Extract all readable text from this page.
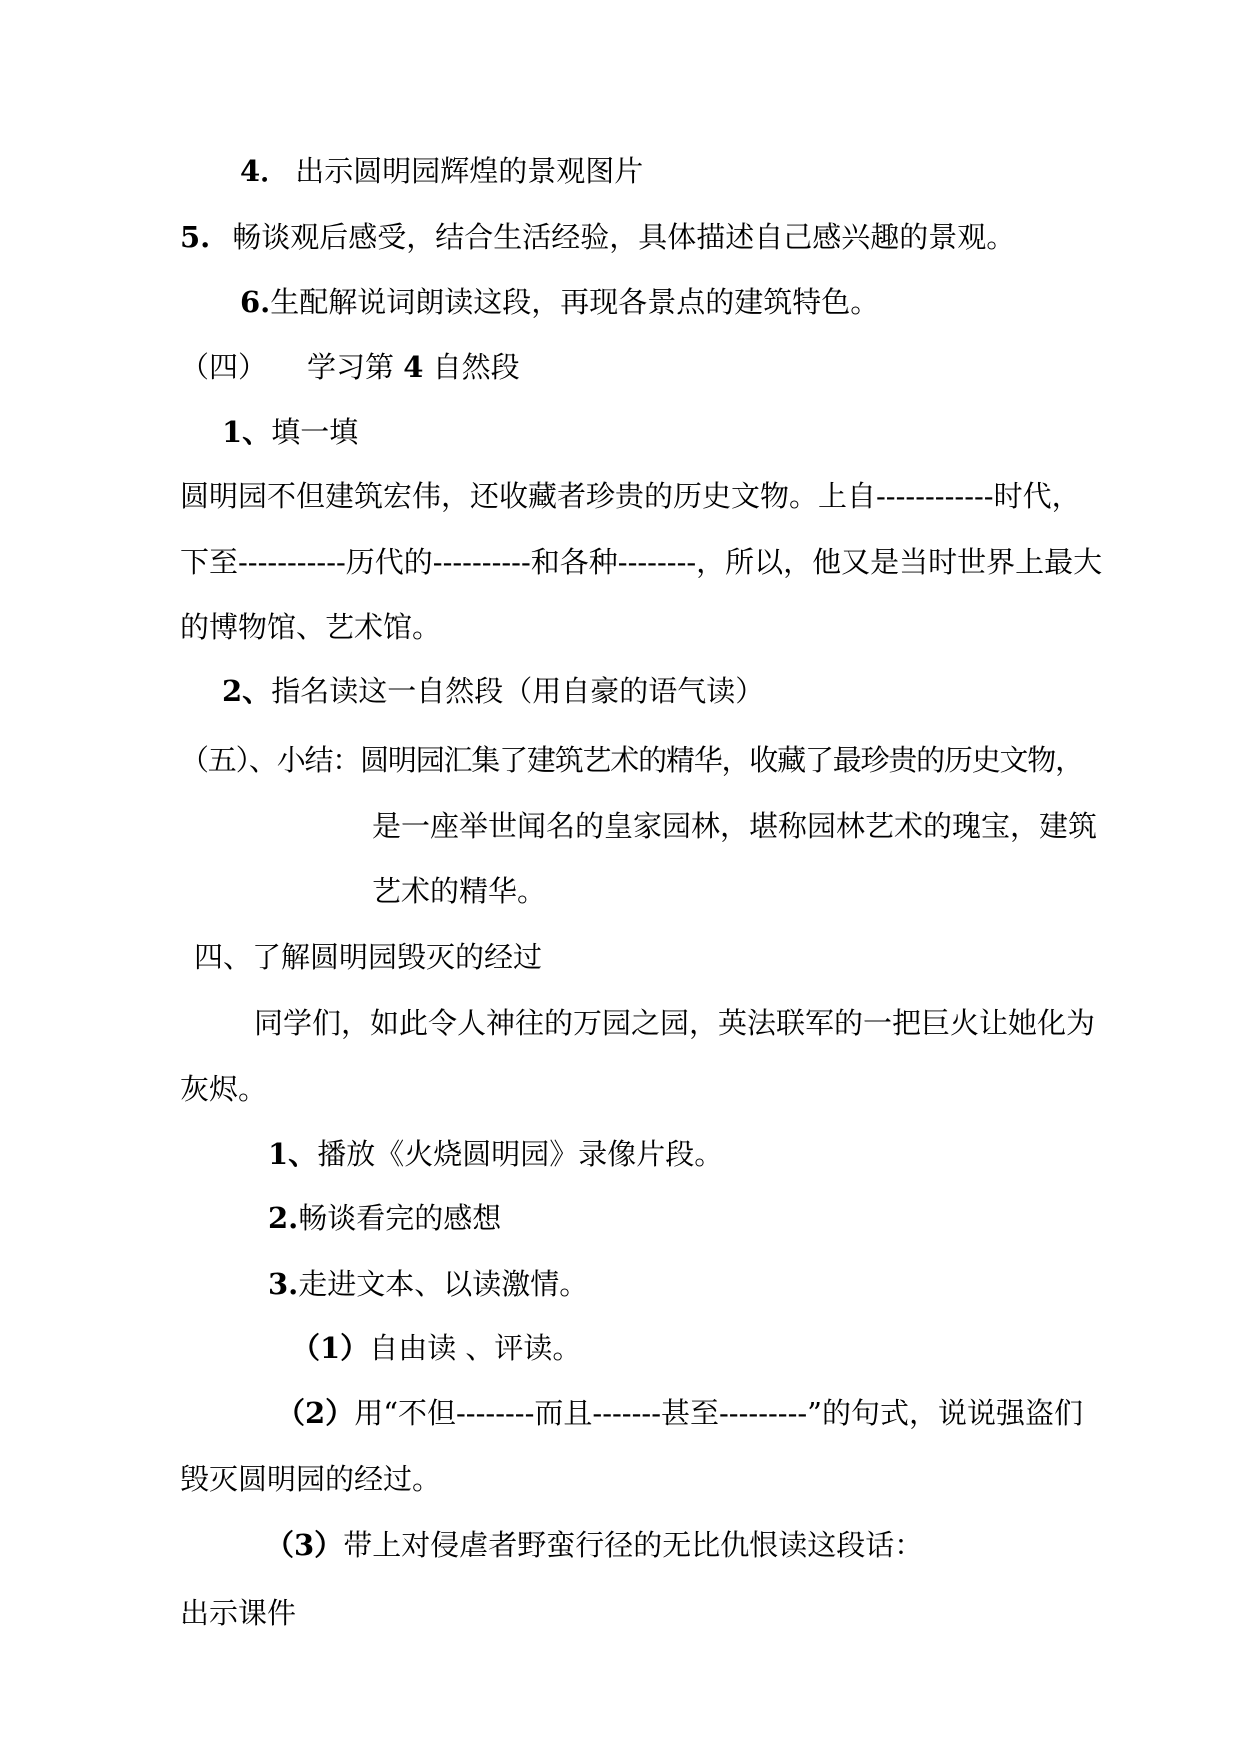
4． 出示圆明园辉煌的景观图片
5. 畅谈观后感受，结合生活经验，具体描述自己感兴趣的景观。
6.生配解说词朗读这段，再现各景点的建筑特色。
（四） 学习第 4 自然段
1、填一填
圆明园不但建筑宏伟，还收藏者珍贵的历史文物。上自------------时代，
下至-----------历代的----------和各种--------，所以，他又是当时世界上最大
的博物馆、艺术馆。
2、指名读这一自然段（用自豪的语气读）
（五）、小结：圆明园汇集了建筑艺术的精华，收藏了最珍贵的历史文物，
是一座举世闻名的皇家园林，堪称园林艺术的瑰宝，建筑
艺术的精华。
四、了解圆明园毁灭的经过
同学们，如此令人神往的万园之园，英法联军的一把巨火让她化为
灰烬。
1、播放《火烧圆明园》录像片段。
2.畅谈看完的感想
3.走进文本、以读激情。
（1）自由读 、评读。
（2）用“不但--------而且-------甚至---------”的句式，说说强盗们
毁灭圆明园的经过。
（3）带上对侵虐者野蛮行径的无比仇恨读这段话：
出示课件
